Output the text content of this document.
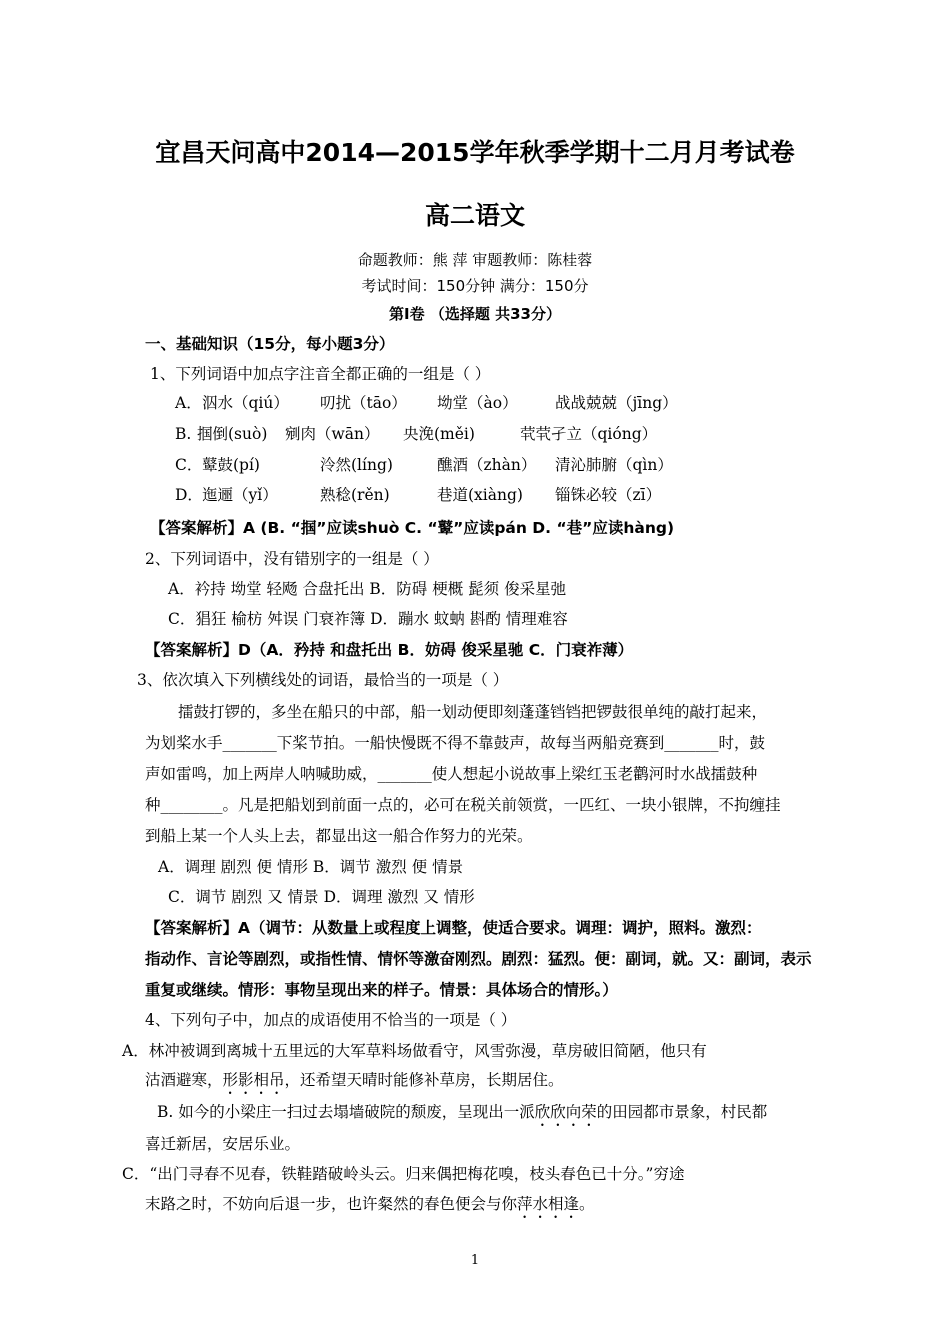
宜昌天问高中2014—2015学年秋季学期十二月月考试卷
高二语文
命题教师：熊 萍 审题教师：陈桂蓉
考试时间：150分钟 满分：150分
第Ⅰ卷 （选择题 共33分）
一、基础知识（15分，每小题3分）
1、下列词语中加点字注音全都正确的一组是（ ）
A． 泅水（qiú） 叨扰（tāo） 坳堂（ào） 战战兢兢（jīng）
B. 掴倒(suò) 剜肉（wān） 央浼(měi)	茕茕孑立（qióng）
C． 鼙鼓(pí)	泠然(líng)	醮酒（zhàn） 清沁肺腑（qìn）
D． 迤逦（yǐ）	熟稔(rěn)	巷道(xiàng) 锱铢必较（zī）
【答案解析】A (B. “掴”应读shuò C. “鼙”应读pán D. “巷”应读hàng)
2、下列词语中，没有错别字的一组是（ ）
A．衿持 坳堂 轻飏 合盘托出 B．防碍 梗概 髭须 俊采星弛
C．猖狂 榆枋 舛误 门衰祚簿 D．蹦水 蚊蚋 斟酌 情理难容
【答案解析】D（A．矜持 和盘托出 B．妨碍 俊采星驰 C．门衰祚薄）
3、依次填入下列横线处的词语，最恰当的一项是（ ）
擂鼓打锣的，多坐在船只的中部，船一划动便即刻蓬蓬铛铛把锣鼓很单纯的敲打起来，
为划桨水手_______下桨节拍。一船快慢既不得不靠鼓声，故每当两船竞赛到_______时，鼓
声如雷鸣，加上两岸人呐喊助威，_______使人想起小说故事上梁红玉老鹳河时水战擂鼓种
种________。凡是把船划到前面一点的，必可在税关前领赏，一匹红、一块小银牌，不拘缠挂
到船上某一个人头上去，都显出这一船合作努力的光荣。
A．调理 剧烈 便 情形 B．调节 激烈 便 情景
C．调节 剧烈 又 情景 D．调理 激烈 又 情形
【答案解析】A（调节：从数量上或程度上调整，使适合要求。调理：调护，照料。激烈：
指动作、言论等剧烈，或指性情、情怀等激奋刚烈。剧烈：猛烈。便：副词，就。又：副词，表示
重复或继续。情形：事物呈现出来的样子。情景：具体场合的情形。）
4、下列句子中，加点的成语使用不恰当的一项是（ ）
A．林冲被调到离城十五里远的大军草料场做看守，风雪弥漫，草房破旧简陋，他只有
沽酒避寒，形影相吊，还希望天晴时能修补草房，长期居住。
B. 如今的小梁庄一扫过去塌墙破院的颓废，呈现出一派欣欣向荣的田园都市景象，村民都
喜迁新居，安居乐业。
C．“出门寻春不见春，铁鞋踏破岭头云。归来偶把梅花嗅，枝头春色已十分。”穷途
末路之时，不妨向后退一步，也许粲然的春色便会与你萍水相逢。
1
